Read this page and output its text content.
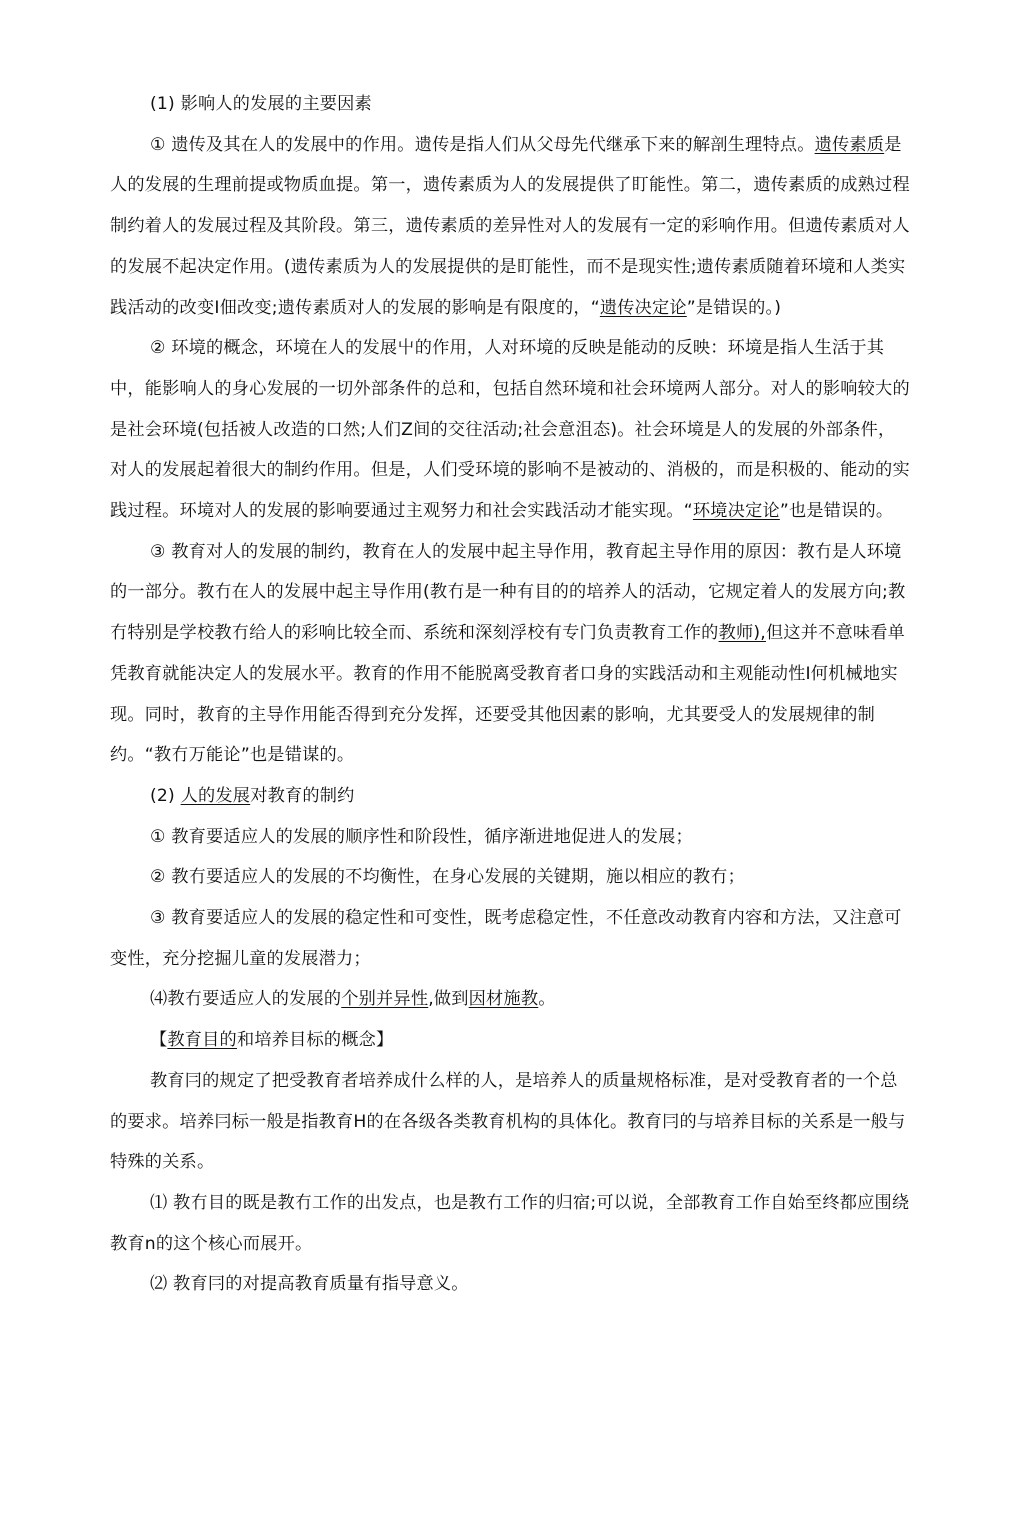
(1) 影响人的发展的主要因素

① 遗传及其在人的发展中的作用。遗传是指人们从父母先代继承下来的解剖生理特点。遗传素质是人的发展的生理前提或物质血提。第一，遗传素质为人的发展提供了盯能性。第二，遗传素质的成熟过程制约着人的发展过程及其阶段。第三，遗传素质的差异性对人的发展有一定的彩响作用。但遗传素质对人的发展不起决定作用。(遗传素质为人的发展提供的是盯能性，而不是现实性;遗传素质随着环境和人类实践活动的改变I佃改变;遗传素质对人的发展的影响是有限度的，“遗传决定论”是错误的。)

② 环境的概念，环境在人的发展屮的作用，人对环境的反映是能动的反映：环境是指人生活于其中，能影响人的身心发展的一切外部条件的总和，包括自然环境和社会环境两人部分。对人的影响较大的是社会环境(包括被人改造的口然;人们Z间的交往活动;社会意沮态)。社会环境是人的发展的外部条件，对人的发展起着很大的制约作用。但是，人们受环境的影响不是被动的、消极的，而是积极的、能动的实践过程。环境对人的发展的影响要通过主观努力和社会实践活动才能实现。“环境决定论”也是错误的。

③ 教育对人的发展的制约，教育在人的发展中起主导作用，教育起主导作用的原因：教冇是人环境的一部分。教冇在人的发展中起主导作用(教冇是一种有目的的培养人的活动，它规定着人的发展方向;教冇特别是学校教冇给人的彩响比较全而、系统和深刻浮校有专门负责教育工作的教师),但这并不意味看单凭教育就能决定人的发展水平。教育的作用不能脱离受教育者口身的实践活动和主观能动性I何机械地实现。同时，教育的主导作用能否得到充分发挥，还要受其他因素的影响，尤其要受人的发展规律的制约。“教冇万能论”也是错谋的。

(2) 人的发展对教育的制约

① 教育要适应人的发展的顺序性和阶段性，循序渐进地促进人的发展；

② 教冇要适应人的发展的不均衡性，在身心发展的关键期，施以相应的教冇；

③ 教育要适应人的发展的稳定性和可变性，既考虑稳定性，不任意改动教育内容和方法，又注意可变性，充分挖掘儿童的发展潜力；

⑷教冇要适应人的发展的个别并异性,做到因材施教。

【教育目的和培养目标的概念】

教育冃的规定了把受教育者培养成什么样的人，是培养人的质量规格标准，是对受教育者的一个总的要求。培养冃标一般是指教育H的在各级各类教育机构的具体化。教育冃的与培养目标的关系是一般与特殊的关系。

⑴ 教冇目的既是教冇工作的出发点，也是教冇工作的归宿;可以说，全部教育工作自始至终都应围绕教育n的这个核心而展开。

⑵ 教育冃的对提高教育质量有指导意义。
